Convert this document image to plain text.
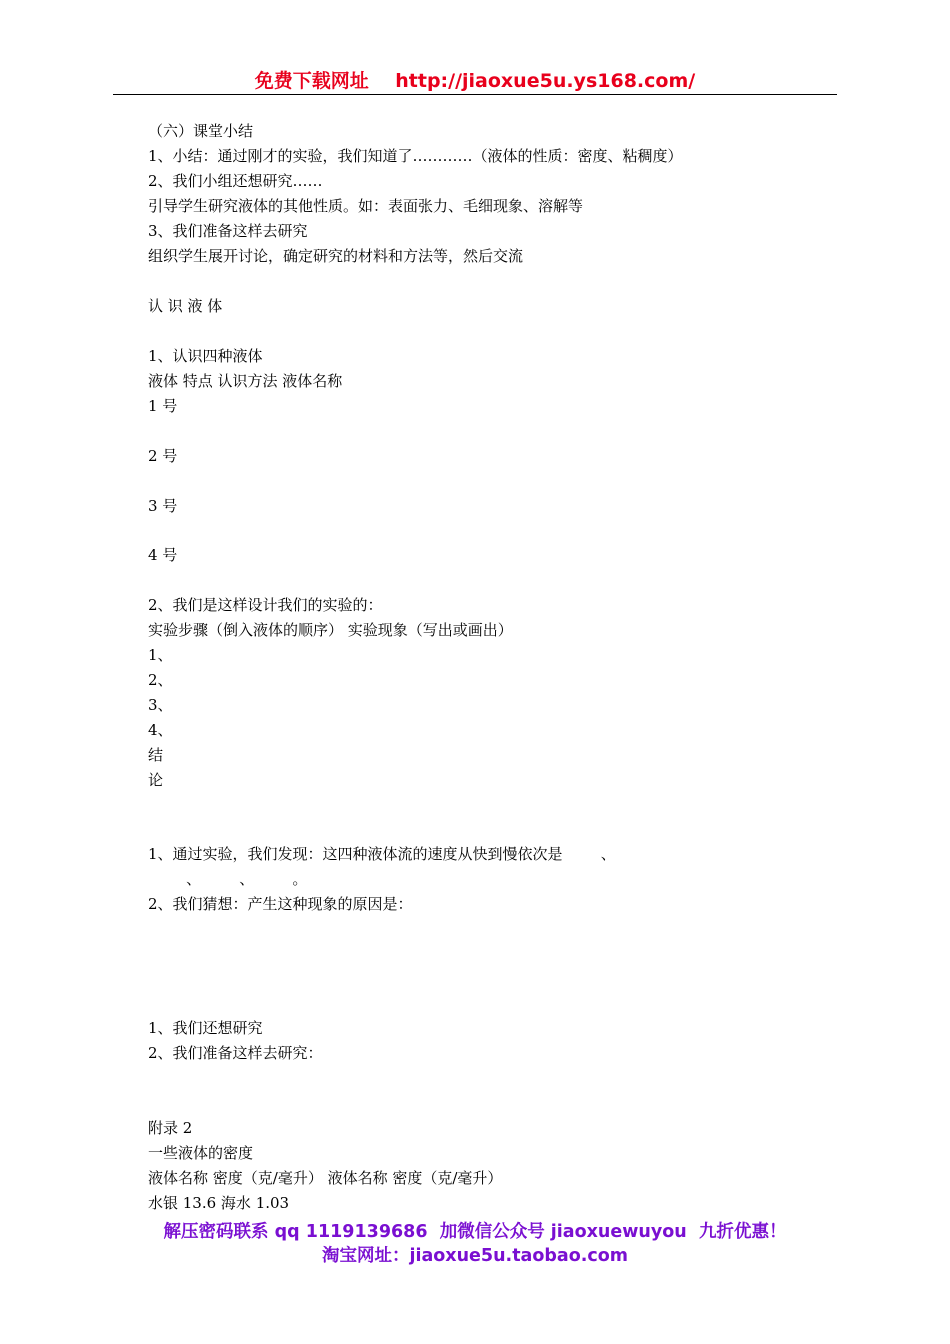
免费下载网址    http://jiaoxue5u.ys168.com/
（六）课堂小结
1、小结：通过刚才的实验，我们知道了…………（液体的性质：密度、粘稠度）
2、我们小组还想研究……
引导学生研究液体的其他性质。如：表面张力、毛细现象、溶解等
3、我们准备这样去研究
组织学生展开讨论，确定研究的材料和方法等，然后交流
认 识 液 体
1、认识四种液体
液体 特点 认识方法 液体名称
1 号
2 号
3 号
4 号
2、我们是这样设计我们的实验的：
实验步骤（倒入液体的顺序） 实验现象（写出或画出）
1、
2、
3、
4、
结
论
1、通过实验，我们发现：这四种液体流的速度从快到慢依次是        、
、        、        。
2、我们猜想：产生这种现象的原因是：
1、我们还想研究
2、我们准备这样去研究：
附录 2
一些液体的密度
液体名称 密度（克/毫升） 液体名称 密度（克/毫升）
水银 13.6 海水 1.03
解压密码联系 qq 1119139686  加微信公众号 jiaoxuewuyou  九折优惠！
淘宝网址：jiaoxue5u.taobao.com
